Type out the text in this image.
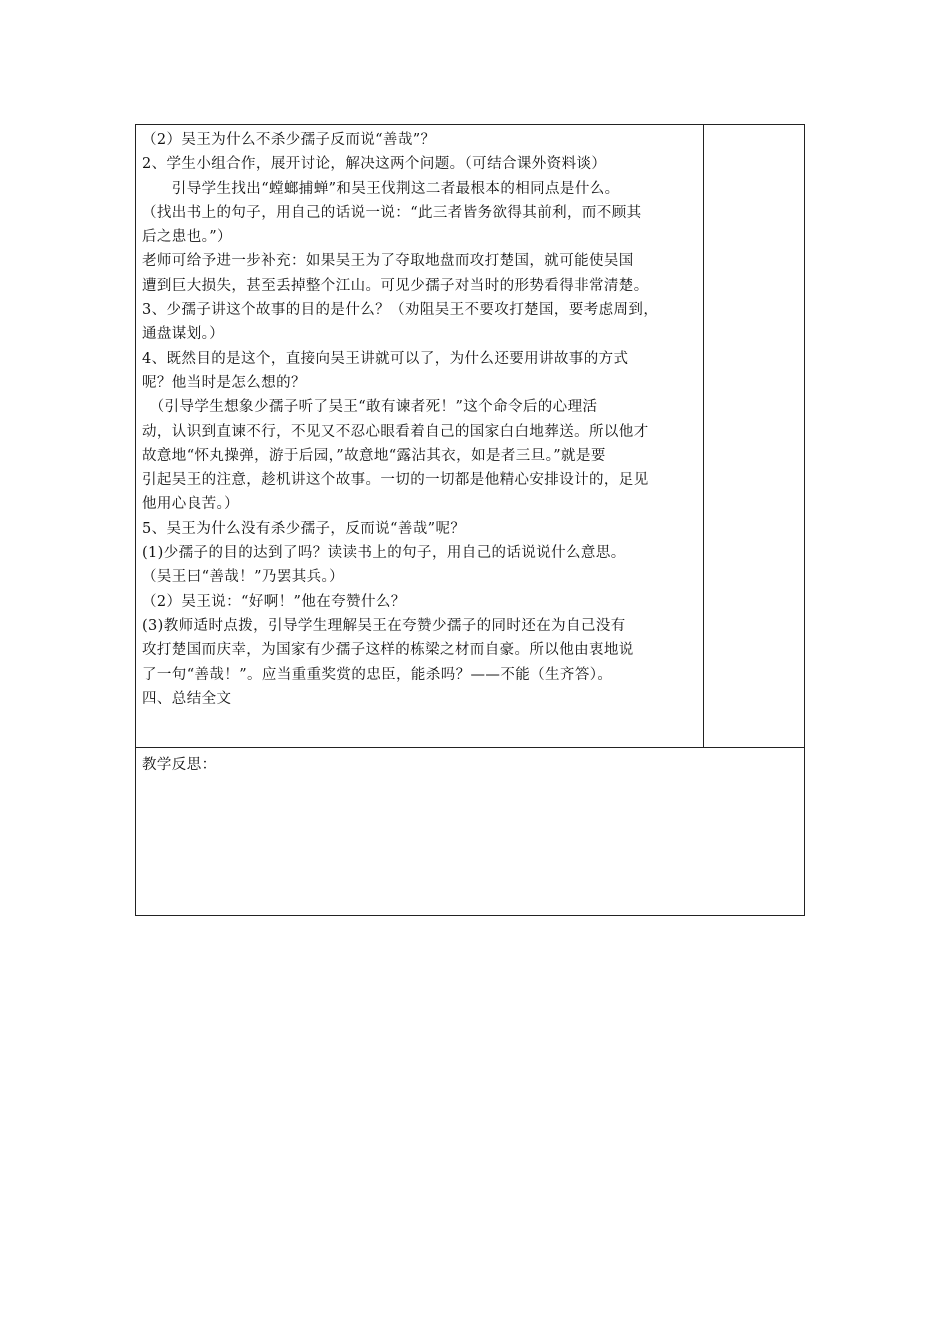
（2）吴王为什么不杀少孺子反而说“善哉”？
2、学生小组合作，展开讨论，解决这两个问题。（可结合课外资料谈）
　　引导学生找出“螳螂捕蝉”和吴王伐荆这二者最根本的相同点是什么。
（找出书上的句子，用自己的话说一说：“此三者皆务欲得其前利，而不顾其
后之患也。”）
老师可给予进一步补充：如果吴王为了夺取地盘而攻打楚国，就可能使吴国
遭到巨大损失，甚至丢掉整个江山。可见少孺子对当时的形势看得非常清楚。
3、少孺子讲这个故事的目的是什么？（劝阻吴王不要攻打楚国，要考虑周到，
通盘谋划。）
4、既然目的是这个，直接向吴王讲就可以了，为什么还要用讲故事的方式
呢？他当时是怎么想的？
　（引导学生想象少孺子听了吴王“敢有谏者死！”这个命令后的心理活
动，认识到直谏不行，不见又不忍心眼看着自己的国家白白地葬送。所以他才
故意地“怀丸操弹，游于后园，”故意地“露沾其衣，如是者三旦。”就是要
引起吴王的注意，趁机讲这个故事。一切的一切都是他精心安排设计的，足见
他用心良苦。）
5、吴王为什么没有杀少孺子，反而说“善哉”呢？
(1)少孺子的目的达到了吗？读读书上的句子，用自己的话说说什么意思。
（吴王曰“善哉！”乃罢其兵。）
（2）吴王说：“好啊！”他在夸赞什么？
(3)教师适时点拨，引导学生理解吴王在夸赞少孺子的同时还在为自己没有
攻打楚国而庆幸，为国家有少孺子这样的栋梁之材而自豪。所以他由衷地说
了一句“善哉！”。应当重重奖赏的忠臣，能杀吗？——不能（生齐答）。
四、总结全文
教学反思：
